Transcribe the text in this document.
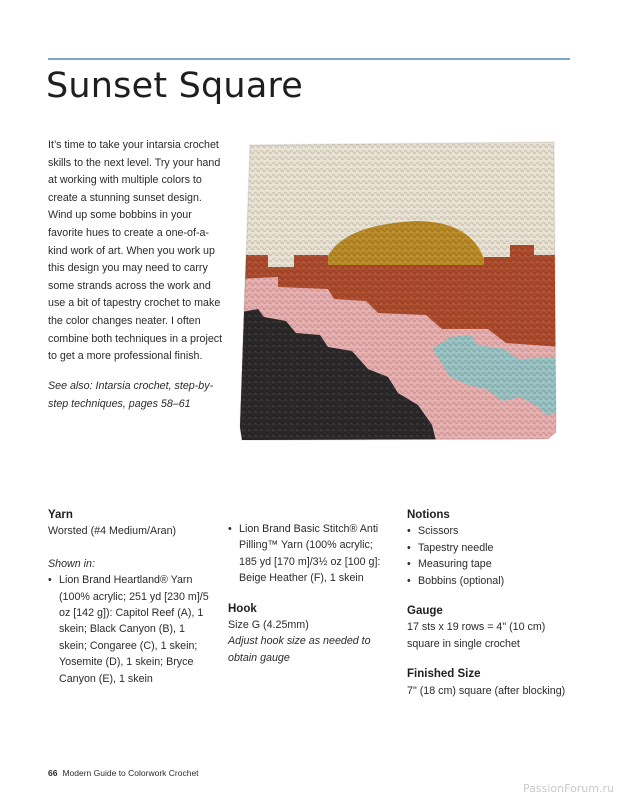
Sunset Square

It’s time to take your intarsia crochet skills to the next level. Try your hand at working with multiple colors to create a stunning sunset design. Wind up some bobbins in your favorite hues to create a one-of-a-kind work of art. When you work up this design you may need to carry some strands across the work and use a bit of tapestry crochet to make the color changes neater. I often combine both techniques in a project to get a more professional finish.

See also: Intarsia crochet, step-by-step techniques, pages 58–61

Yarn

Worsted (#4 Medium/Aran)

Shown in:

• Lion Brand Heartland® Yarn (100% acrylic; 251 yd [230 m]/5 oz [142 g]): Capitol Reef (A), 1 skein; Black Canyon (B), 1 skein; Congaree (C), 1 skein; Yosemite (D), 1 skein; Bryce Canyon (E), 1 skein
• Lion Brand Basic Stitch® Anti Pilling™ Yarn (100% acrylic; 185 yd [170 m]/3½ oz [100 g]: Beige Heather (F), 1 skein
Hook

Size G (4.25mm)

Adjust hook size as needed to obtain gauge

Notions
• Scissors
• Tapestry needle
• Measuring tape
• Bobbins (optional)
Gauge

17 sts x 19 rows = 4" (10 cm) square in single crochet

Finished Size

7" (18 cm) square (after blocking)

66 Modern Guide to Colorwork Crochet
PassionForum.ru
